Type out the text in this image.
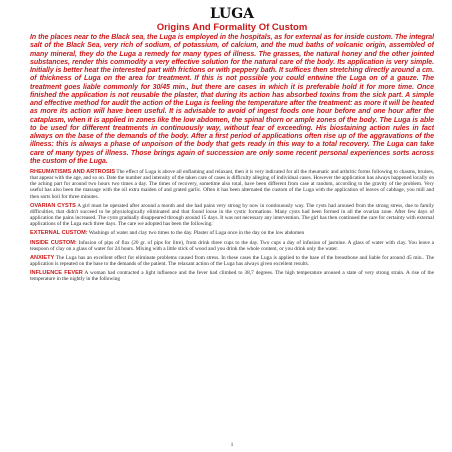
LUGA
Origins And Formality Of Custom

In the places near to the Black sea, the Luga is employed in the hospitals, as for external as for inside custom. The integral salt of the Black Sea, very rich of sodium, of potassium, of calcium, and the mud baths of volcanic origin, assembled of many mineral, they do the Luga a remedy for many types of illness. The grasses, the natural honey and the other jointed substances, render this commodity a very effective solution for the natural care of the body. Its application is very simple. Initially is better heat the interested part with frictions or with peppery bath. It suffices then stretching directly around a cm. of thickness of Luga on the area for treatment. If this is not possible you could entwine the Luga on of a gauze. The treatment goes liable commonly for 30/45 min., but there are cases in which it is preferable hold it for more time. Once finished the application is not reusable the plaster, that during its action has absorbed toxins from the sick part. A simple and effective method for audit the action of the Luga is feeling the temperature after the treatment: as more it will be heated as more its action will have been useful. It is advisable to avoid of ingest foods one hour before and one hour after the cataplasm, when it is applied in zones like the low abdomen, the spinal thorn or ample zones of the body. The Luga is able to be used for different treatments in continuously way, without fear of exceeding. His biostaining action rules in fact always on the base of the demands of the body. After a first period of applications often rise up of the aggravations of the illness: this is always a phase of unpoison of the body that gets ready in this way to a total recovery. The Luga can take care of many types of illness. Those brings again of succession are only some recent personal experiences sorts across the custom of the Luga.

RHEUMATISMS AND ARTROSIS The effect of Luga is above all enflaming and relaxant, then it is very indicated for all the rheumatic and arthritic forms following to chasms, bruises, that appear with the age, and so on. Date the number and intensity of the taken care of cases is difficulty alleging of individual cases. However the application has always happened locally on the aching part for around two hours two times a day. The times of recovery, sometime also total, have been different from case at random, according to the gravity of the problem. Very useful has also been the massage with the oil extra maiden of and grated garlic. Often it has been alternated the custom of the Luga with the application of leaves of cabbage, you mill and then sorts boil for three minutes.

OVARIAN CYSTS A girl must be operated after around a month and she had pains very strong by now in continuously way. The cysts had aroused from the strong stress, due to family difficulties, that didn't succeed to be physiologically eliminated and that found loose in the cystic formations. Many cysts had been formed in all the ovarian zone. After few days of application the pains increased. The cysts gradually disappeared through around 15 days. It was not necessary any intervention. The girl has then continued the care for certainty with external applications of the Luga each three days. The care we adopted has been the following:

EXTERNAL CUSTOM: Washings of water and clay two times to the day. Plaster of Luga once in the day on the low abdomen

INSIDE CUSTOM: Infusion of pips of flax (20 gr. of pips for litre), from drink three cups to the day. Two cups a day of infusion of jasmine. A glass of water with clay. You leave a teaspoon of clay on a glass of water for 24 hours. Mixing with a little stick of wood and you drink the whole content, or you drink only the water.

ANXIETY The Luga has an excellent effect for eliminate problems caused from stress. In these cases the Luga is applied to the base of the breastbone and liable for around 45 min.. The application is repeated on the base to the demands of the patient. The relaxant action of the Luga has always given excellent results.

INFLUENCE FEVER A woman had contracted a light influence and the fever had climbed to 38,7 degrees. The high temperature aroused a state of very strong strain. A rise of the temperature in the nightly in the following

1
